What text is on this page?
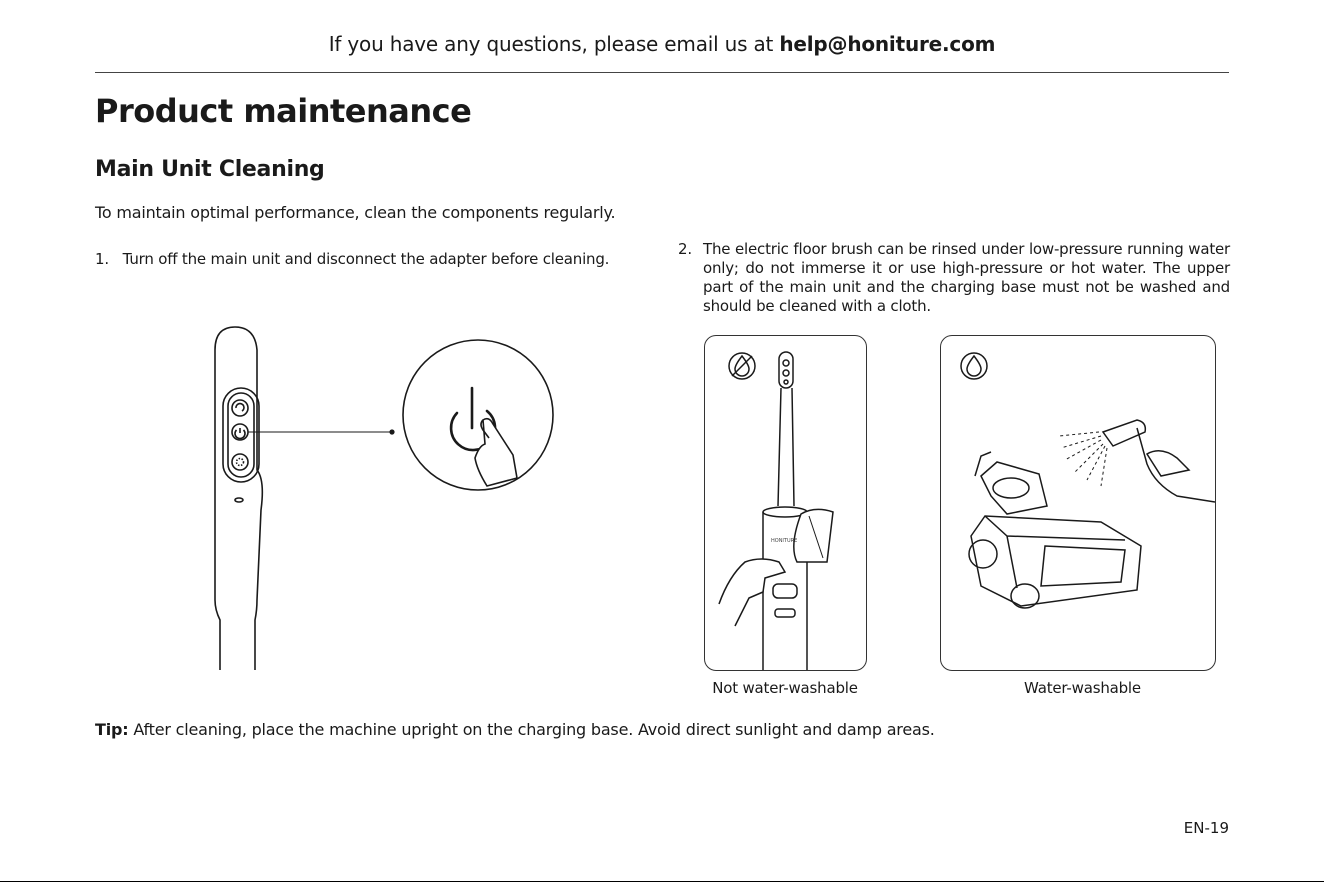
If you have any questions, please email us at help@honiture.com
Product maintenance
Main Unit Cleaning
To maintain optimal performance, clean the components regularly.
1. Turn off the main unit and disconnect the adapter before cleaning.
2. The electric floor brush can be rinsed under low-pressure running water only; do not immerse it or use high-pressure or hot water. The upper part of the main unit and the charging base must not be washed and should be cleaned with a cloth.
HONITURE
Not water-washable	Water-washable
Tip: After cleaning, place the machine upright on the charging base. Avoid direct sunlight and damp areas.
EN-19
